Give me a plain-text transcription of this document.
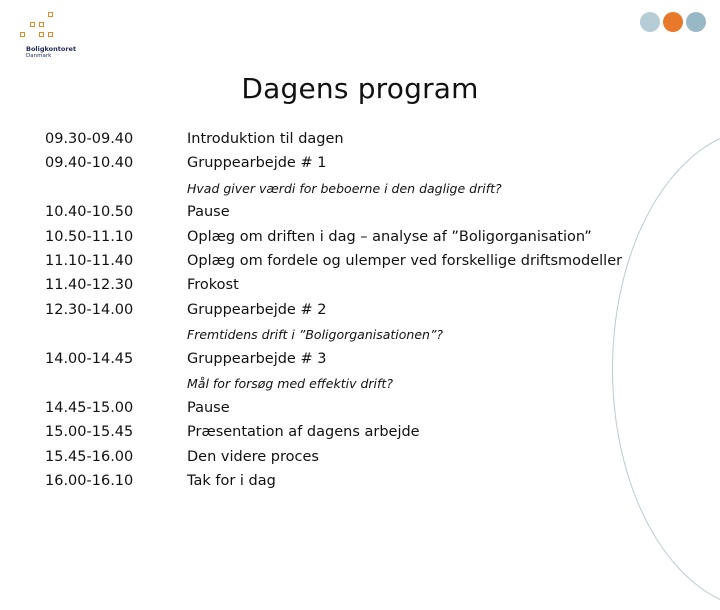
Boligkontoret
Danmark
Dagens program
09.30-09.40	Introduktion til dagen
09.40-10.40	Gruppearbejde # 1
Hvad giver værdi for beboerne i den daglige drift?
10.40-10.50	Pause
10.50-11.10	Oplæg om driften i dag – analyse af ”Boligorganisation”
11.10-11.40	Oplæg om fordele og ulemper ved forskellige driftsmodeller
11.40-12.30	Frokost
12.30-14.00	Gruppearbejde # 2
Fremtidens drift i ”Boligorganisationen”?
14.00-14.45	Gruppearbejde # 3
Mål for forsøg med effektiv drift?
14.45-15.00	Pause
15.00-15.45	Præsentation af dagens arbejde
15.45-16.00	Den videre proces
16.00-16.10	Tak for i dag
